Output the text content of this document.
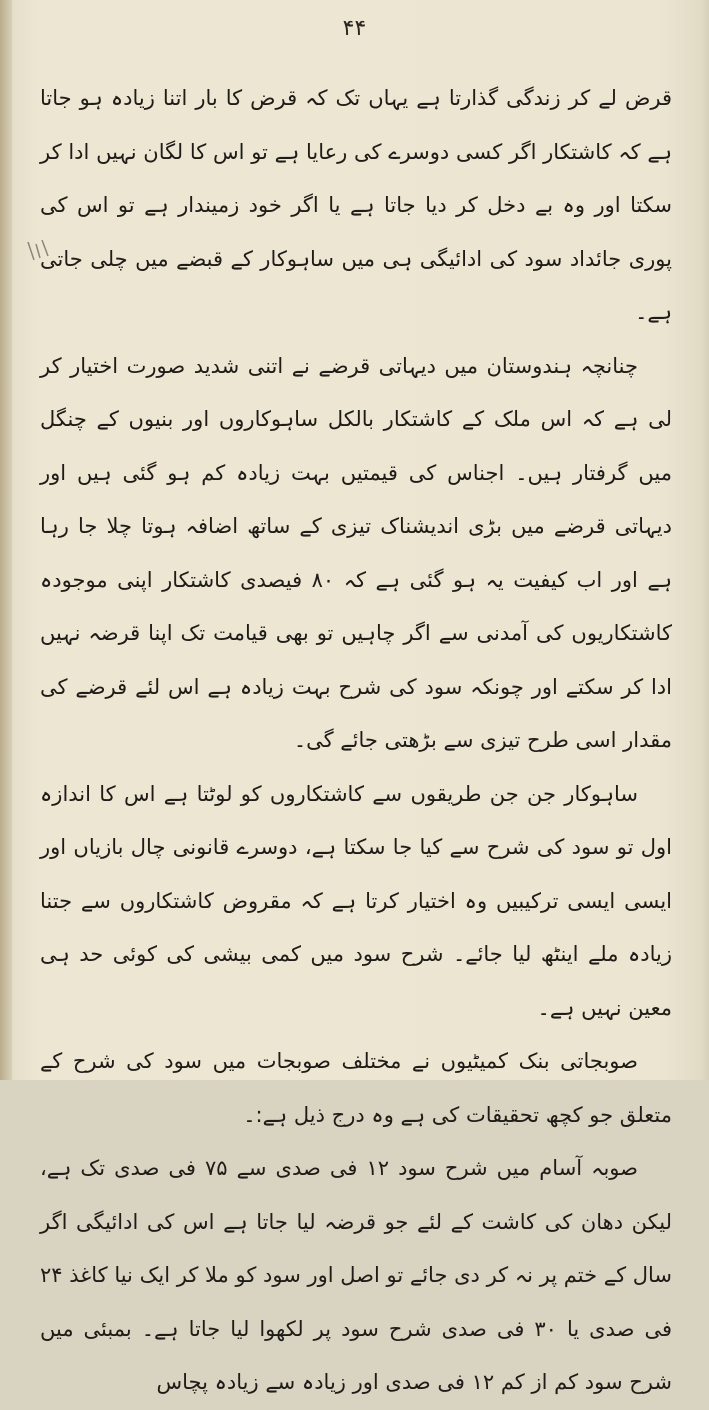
۴۴

قرض لے کر زندگی گذارتا ہے یہاں تک کہ قرض کا بار اتنا زیادہ ہو جاتا ہے کہ کاشتکار اگر کسی دوسرے کی رعایا ہے تو اس کا لگان نہیں ادا کر سکتا اور وہ بے دخل کر دیا جاتا ہے یا اگر خود زمیندار ہے تو اس کی پوری جائداد سود کی ادائیگی ہی میں ساہوکار کے قبضے میں چلی جاتی ہے۔

چنانچہ ہندوستان میں دیہاتی قرضے نے اتنی شدید صورت اختیار کر لی ہے کہ اس ملک کے کاشتکار بالکل ساہوکاروں اور بنیوں کے چنگل میں گرفتار ہیں۔ اجناس کی قیمتیں بہت زیادہ کم ہو گئی ہیں اور دیہاتی قرضے میں بڑی اندیشناک تیزی کے ساتھ اضافہ ہوتا چلا جا رہا ہے اور اب کیفیت یہ ہو گئی ہے کہ ۸۰ فیصدی کاشتکار اپنی موجودہ کاشتکاریوں کی آمدنی سے اگر چاہیں تو بھی قیامت تک اپنا قرضہ نہیں ادا کر سکتے اور چونکہ سود کی شرح بہت زیادہ ہے اس لئے قرضے کی مقدار اسی طرح تیزی سے بڑھتی جائے گی۔

ساہوکار جن جن طریقوں سے کاشتکاروں کو لوٹتا ہے اس کا اندازہ اول تو سود کی شرح سے کیا جا سکتا ہے، دوسرے قانونی چال بازیاں اور ایسی ایسی ترکیبیں وہ اختیار کرتا ہے کہ مقروض کاشتکاروں سے جتنا زیادہ ملے اینٹھ لیا جائے۔ شرح سود میں کمی بیشی کی کوئی حد ہی معین نہیں ہے۔

صوبجاتی بنک کمیٹیوں نے مختلف صوبجات میں سود کی شرح کے متعلق جو کچھ تحقیقات کی ہے وہ درج ذیل ہے:۔

صوبہ آسام میں شرح سود ۱۲ فی صدی سے ۷۵ فی صدی تک ہے، لیکن دھان کی کاشت کے لئے جو قرضہ لیا جاتا ہے اس کی ادائیگی اگر سال کے ختم پر نہ کر دی جائے تو اصل اور سود کو ملا کر ایک نیا کاغذ ۲۴ فی صدی یا ۳۰ فی صدی شرح سود پر لکھوا لیا جاتا ہے۔ بمبئی میں شرح سود کم از کم ۱۲ فی صدی اور زیادہ سے زیادہ پچاس
